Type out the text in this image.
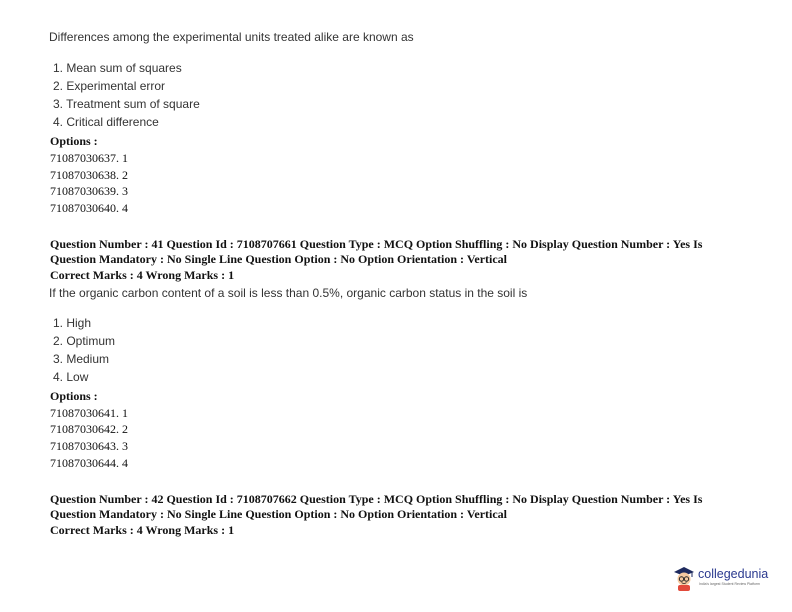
Differences among the experimental units treated alike are known as
1. Mean sum of squares
2. Experimental error
3. Treatment sum of square
4. Critical difference
Options :
71087030637. 1
71087030638. 2
71087030639. 3
71087030640. 4
Question Number : 41 Question Id : 7108707661 Question Type : MCQ Option Shuffling : No Display Question Number : Yes Is
Question Mandatory : No Single Line Question Option : No Option Orientation : Vertical
Correct Marks : 4 Wrong Marks : 1
If the organic carbon content of a soil is less than 0.5%, organic carbon status in the soil is
1. High
2. Optimum
3. Medium
4. Low
Options :
71087030641. 1
71087030642. 2
71087030643. 3
71087030644. 4
Question Number : 42 Question Id : 7108707662 Question Type : MCQ Option Shuffling : No Display Question Number : Yes Is
Question Mandatory : No Single Line Question Option : No Option Orientation : Vertical
Correct Marks : 4 Wrong Marks : 1
collegedunia
India's largest Student Review Platform
